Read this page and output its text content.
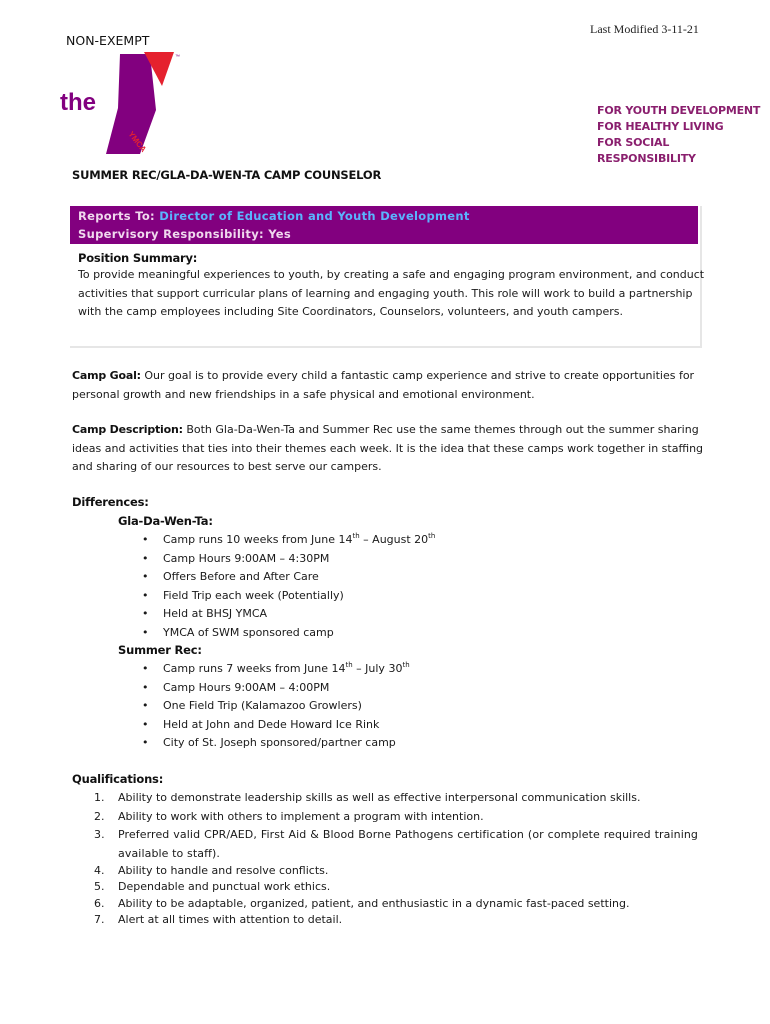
Last Modified 3-11-21
NON-EXEMPT
the
YMCA
™
FOR YOUTH DEVELOPMENT
FOR HEALTHY LIVING
FOR SOCIAL RESPONSIBILITY
SUMMER REC/GLA-DA-WEN-TA CAMP COUNSELOR
Reports To: Director of Education and Youth Development
Supervisory Responsibility: Yes
Position Summary:
To provide meaningful experiences to youth, by creating a safe and engaging program environment, and conduct
activities that support curricular plans of learning and engaging youth. This role will work to build a partnership
with the camp employees including Site Coordinators, Counselors, volunteers, and youth campers.
Camp Goal: Our goal is to provide every child a fantastic camp experience and strive to create opportunities for
personal growth and new friendships in a safe physical and emotional environment.
Camp Description: Both Gla-Da-Wen-Ta and Summer Rec use the same themes through out the summer sharing
ideas and activities that ties into their themes each week. It is the idea that these camps work together in staffing
and sharing of our resources to best serve our campers.
Differences:
Gla-Da-Wen-Ta:
• Camp runs 10 weeks from June 14th – August 20th
• Camp Hours 9:00AM – 4:30PM
• Offers Before and After Care
• Field Trip each week (Potentially)
• Held at BHSJ YMCA
• YMCA of SWM sponsored camp
Summer Rec:
• Camp runs 7 weeks from June 14th – July 30th
• Camp Hours 9:00AM – 4:00PM
• One Field Trip (Kalamazoo Growlers)
• Held at John and Dede Howard Ice Rink
• City of St. Joseph sponsored/partner camp
Qualifications:
1. Ability to demonstrate leadership skills as well as effective interpersonal communication skills.
2. Ability to work with others to implement a program with intention.
3. Preferred valid CPR/AED, First Aid & Blood Borne Pathogens certification (or complete required training available to staff).
4. Ability to handle and resolve conflicts.
5. Dependable and punctual work ethics.
6. Ability to be adaptable, organized, patient, and enthusiastic in a dynamic fast-paced setting.
7. Alert at all times with attention to detail.
